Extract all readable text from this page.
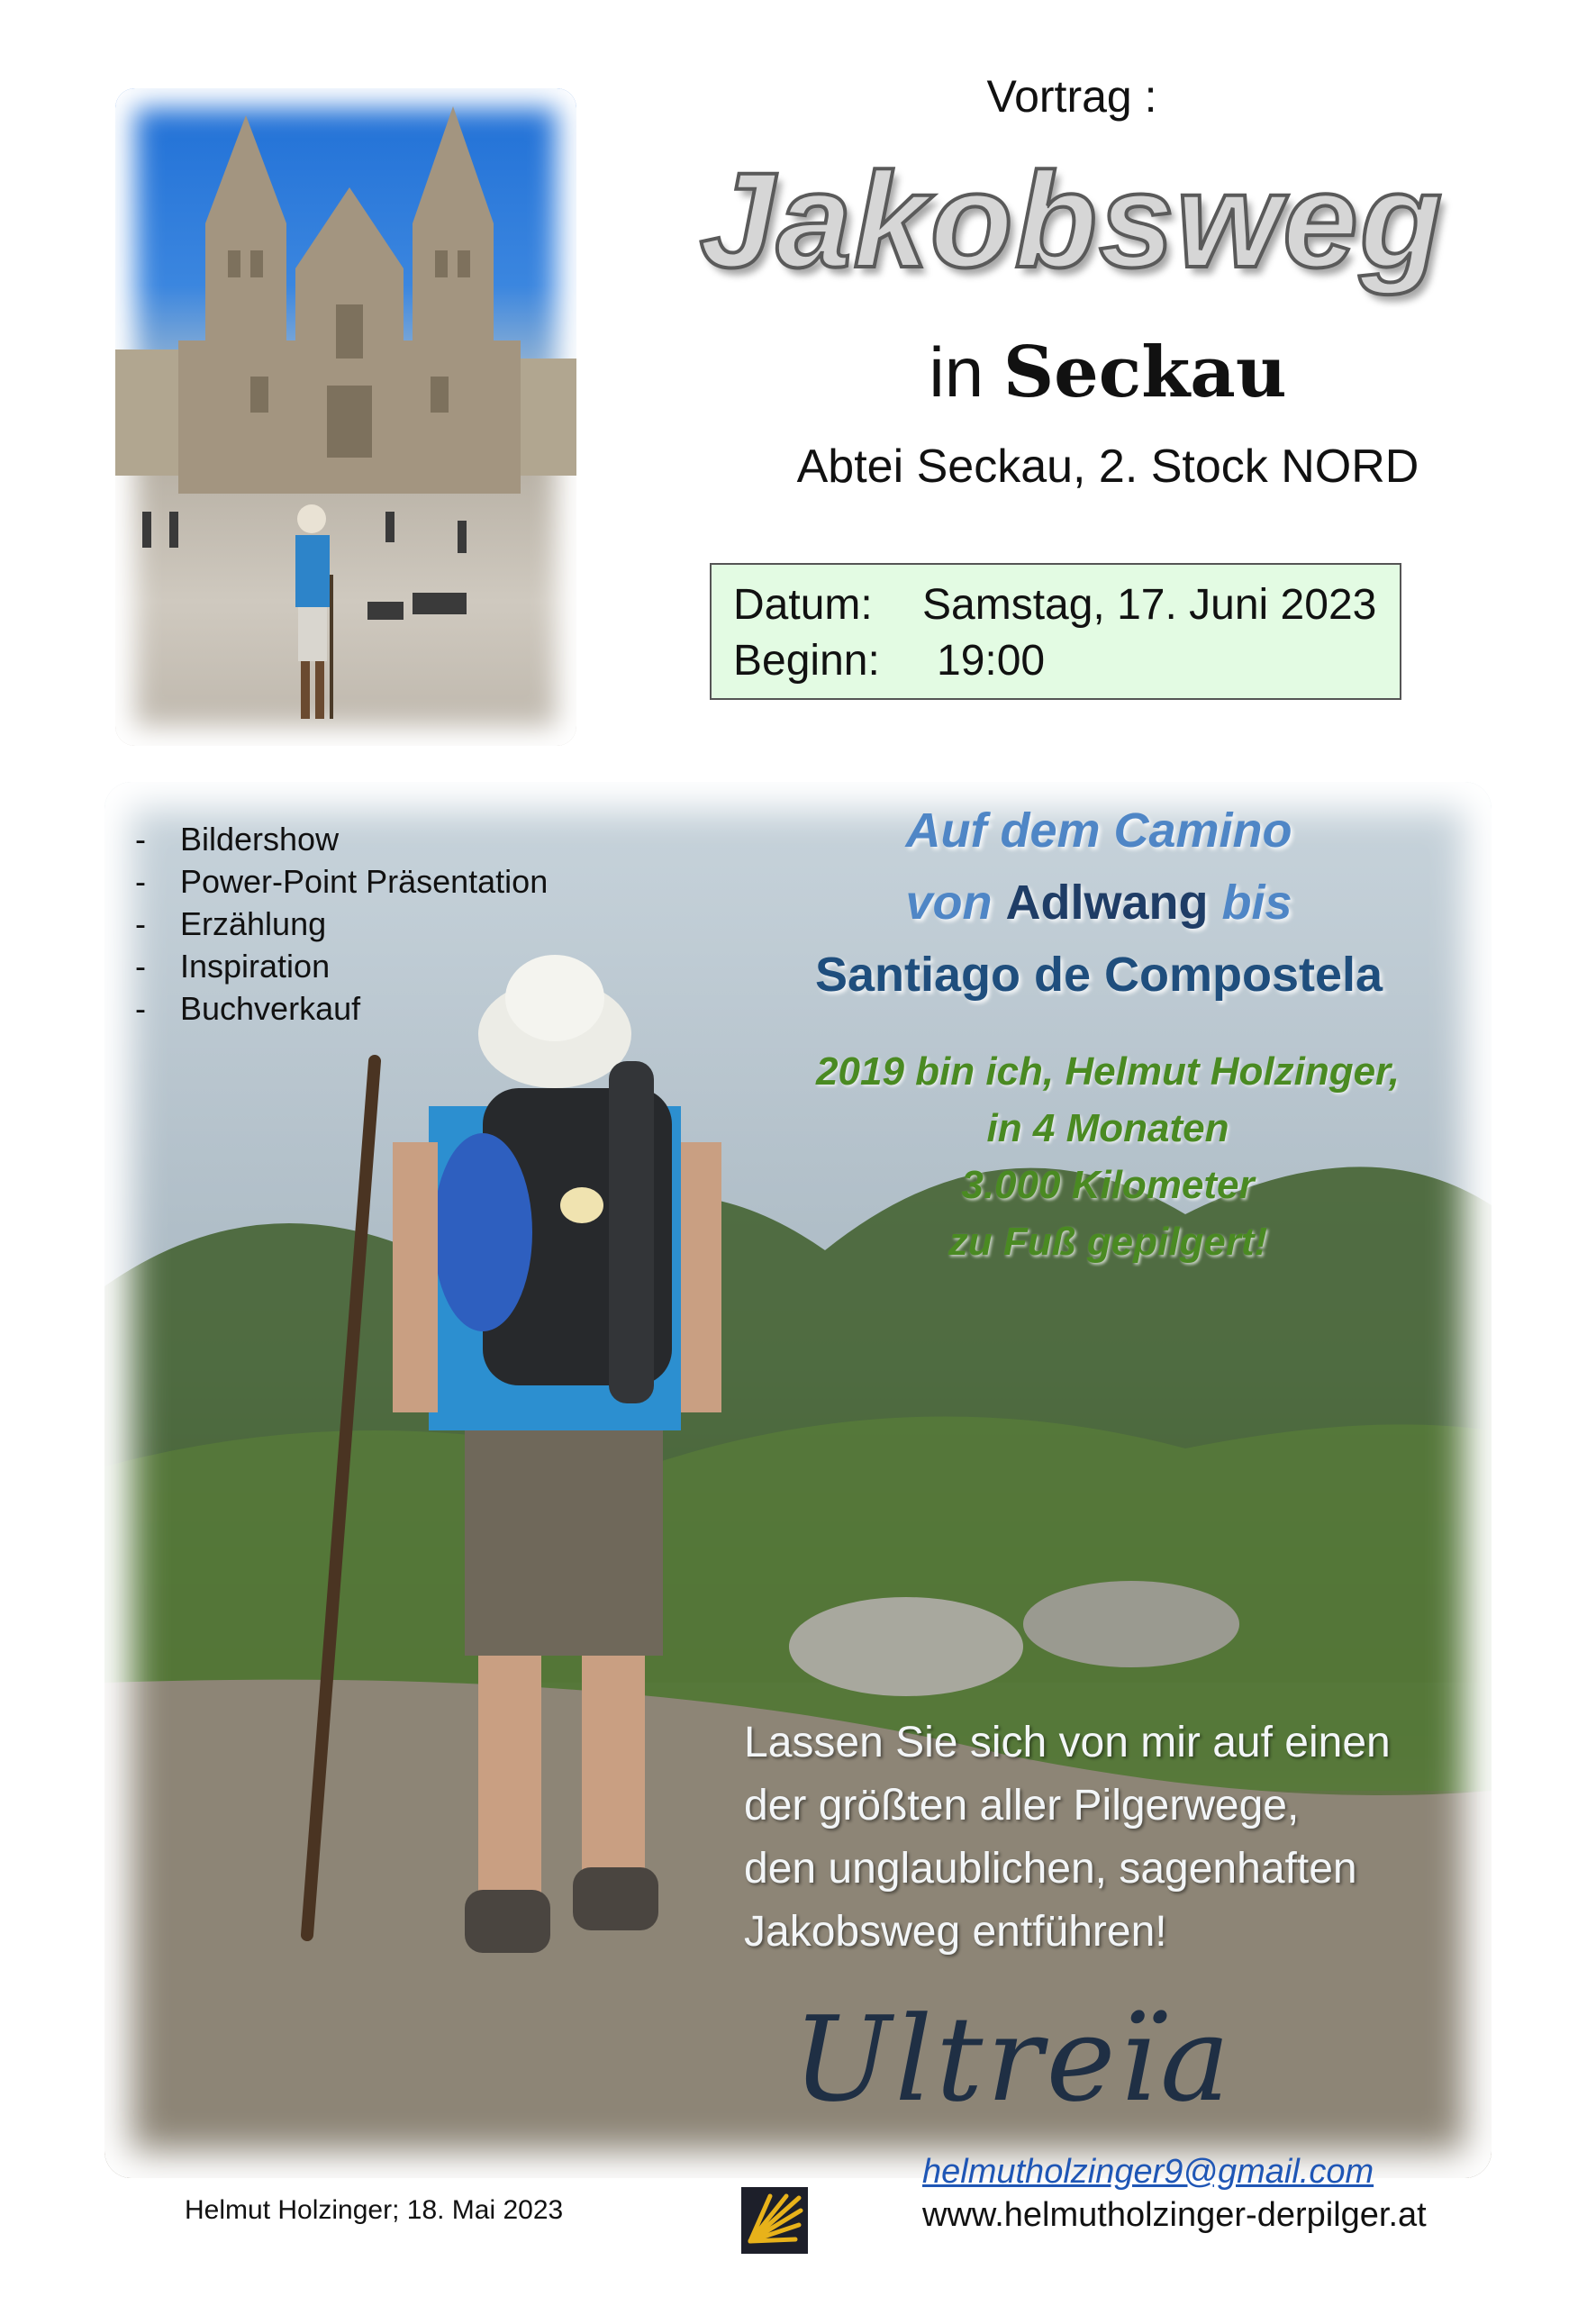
Vortrag :
Jakobsweg
in Seckau
Abtei Seckau, 2. Stock NORD
Datum:	Samstag, 17. Juni 2023
Beginn:	19:00
- Bildershow
- Power-Point Präsentation
- Erzählung
- Inspiration
- Buchverkauf
Auf dem Camino
von Adlwang bis
Santiago de Compostela
2019 bin ich, Helmut Holzinger,
in 4 Monaten
3.000 Kilometer
zu Fuß gepilgert!
Lassen Sie sich von mir auf einen
der größten aller Pilgerwege,
den unglaublichen, sagenhaften
Jakobsweg entführen!
Ultreïa
Helmut Holzinger; 18. Mai 2023
helmutholzinger9@gmail.com
www.helmutholzinger-derpilger.at
